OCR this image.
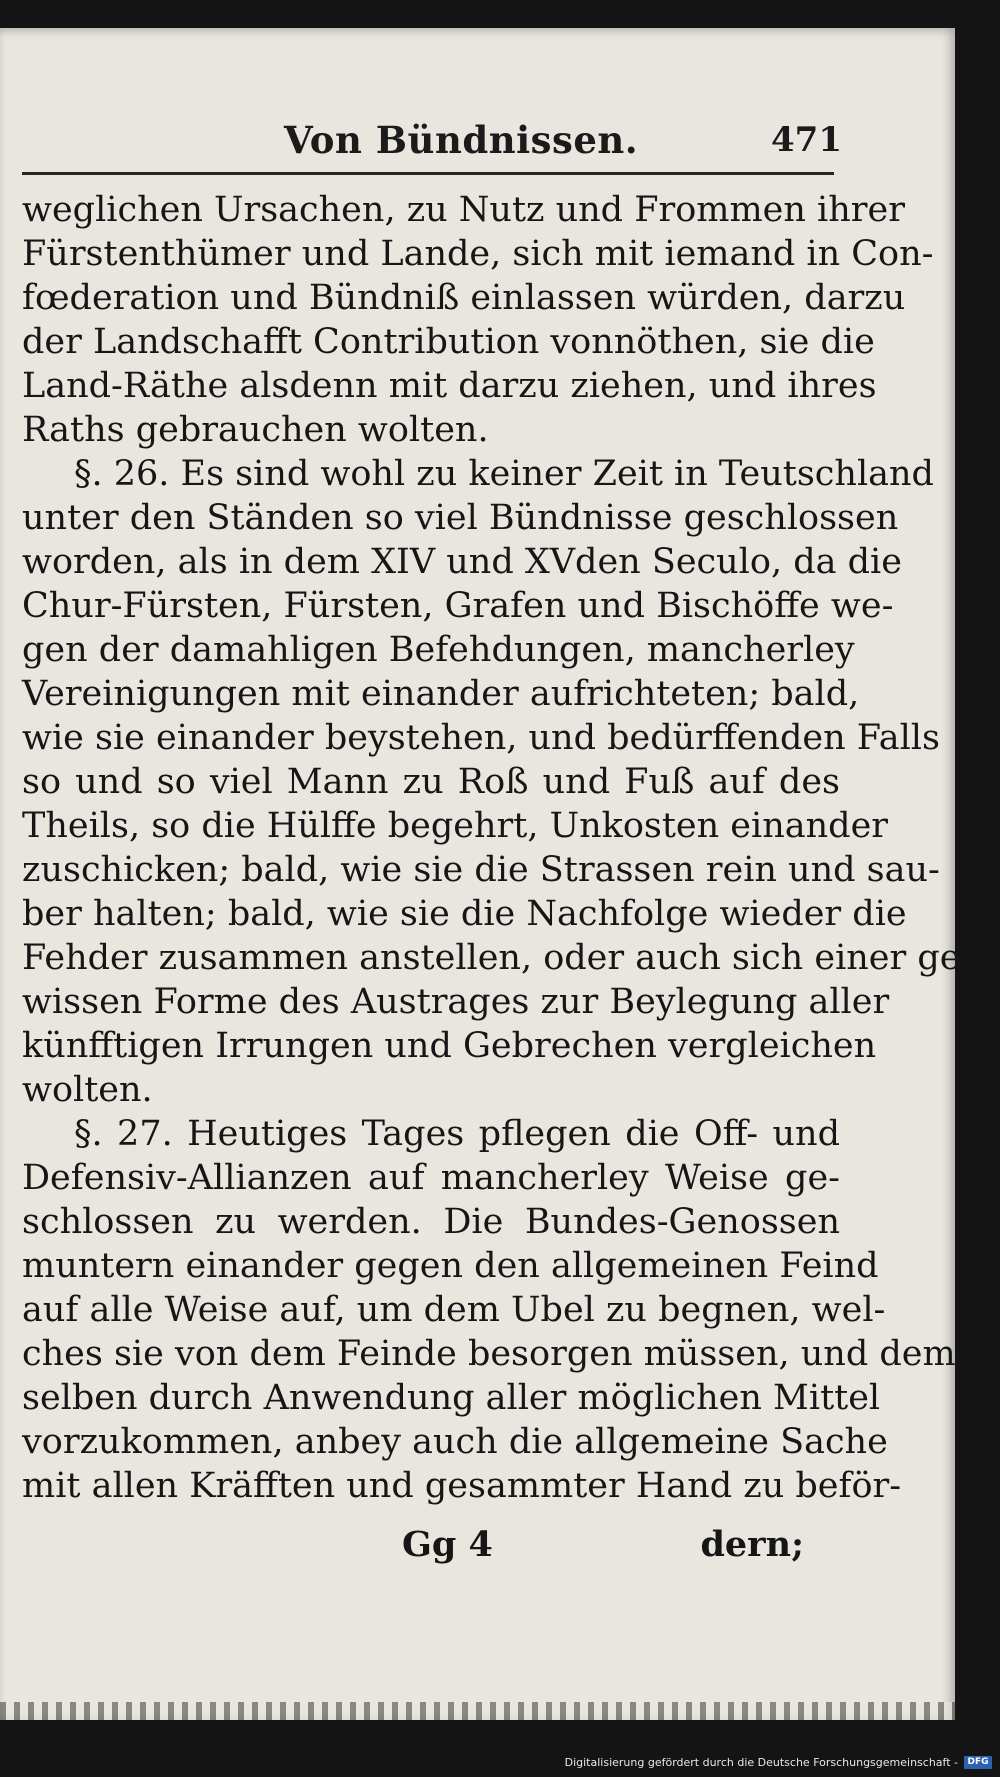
Von Bündnissen.	471
weglichen Ursachen, zu Nutz und Frommen ihrer
Fürstenthümer und Lande, sich mit iemand in Con-
fœderation und Bündniß einlassen würden, darzu
der Landschafft Contribution vonnöthen, sie die
Land-Räthe alsdenn mit darzu ziehen, und ihres
Raths gebrauchen wolten.
§. 26. Es sind wohl zu keiner Zeit in Teutschland
unter den Ständen so viel Bündnisse geschlossen
worden, als in dem XIV und XVden Seculo, da die
Chur-Fürsten, Fürsten, Grafen und Bischöffe we-
gen der damahligen Befehdungen, mancherley
Vereinigungen mit einander aufrichteten; bald,
wie sie einander beystehen, und bedürffenden Falls
so und so viel Mann zu Roß und Fuß auf des
Theils, so die Hülffe begehrt, Unkosten einander
zuschicken; bald, wie sie die Strassen rein und sau-
ber halten; bald, wie sie die Nachfolge wieder die
Fehder zusammen anstellen, oder auch sich einer ge-
wissen Forme des Austrages zur Beylegung aller
künfftigen Irrungen und Gebrechen vergleichen
wolten.
§. 27. Heutiges Tages pflegen die Off- und
Defensiv-Allianzen auf mancherley Weise ge-
schlossen zu werden. Die Bundes-Genossen
muntern einander gegen den allgemeinen Feind
auf alle Weise auf, um dem Ubel zu begnen, wel-
ches sie von dem Feinde besorgen müssen, und dem-
selben durch Anwendung aller möglichen Mittel
vorzukommen, anbey auch die allgemeine Sache
mit allen Kräfften und gesammter Hand zu beför-
Gg 4	dern;
Digitalisierung gefördert durch die Deutsche Forschungsgemeinschaft -	DFG
